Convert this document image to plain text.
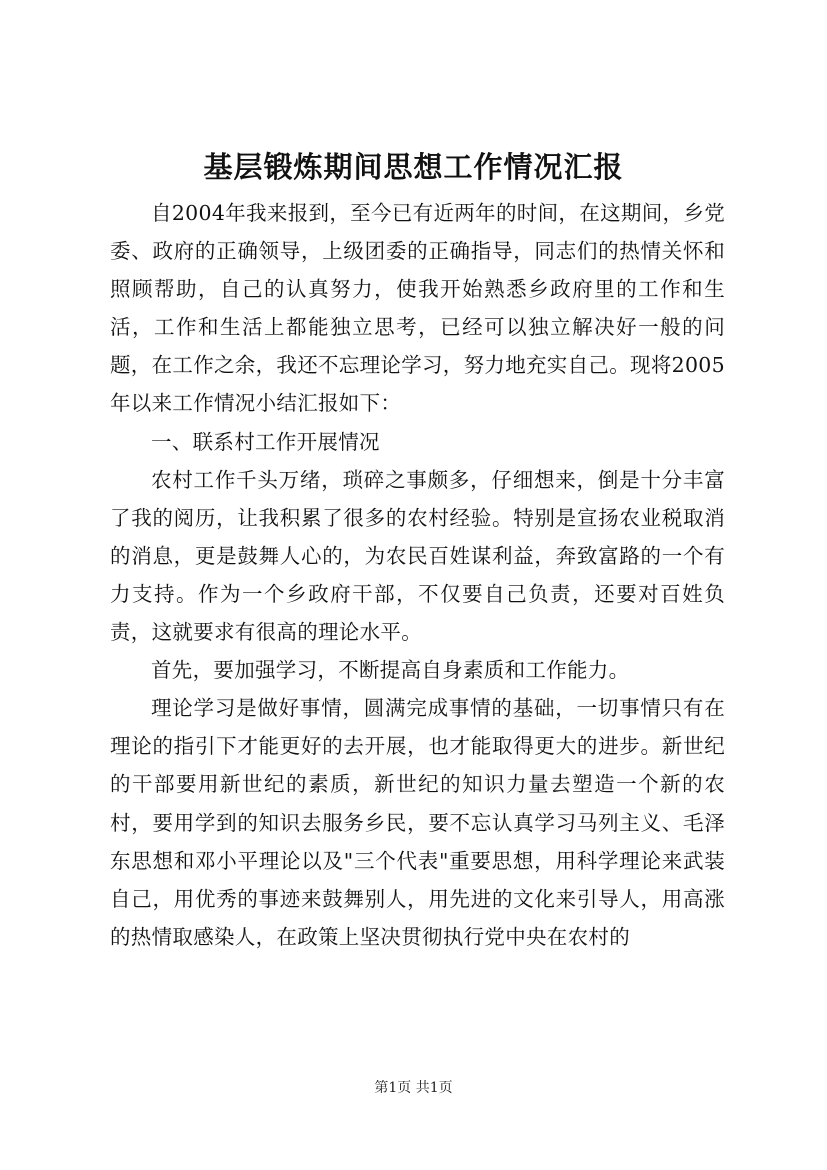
基层锻炼期间思想工作情况汇报

自2004年我来报到，至今已有近两年的时间，在这期间，乡党委、政府的正确领导，上级团委的正确指导，同志们的热情关怀和照顾帮助，自己的认真努力，使我开始熟悉乡政府里的工作和生活，工作和生活上都能独立思考，已经可以独立解决好一般的问题，在工作之余，我还不忘理论学习，努力地充实自己。现将2005年以来工作情况小结汇报如下：

一、联系村工作开展情况

农村工作千头万绪，琐碎之事颇多，仔细想来，倒是十分丰富了我的阅历，让我积累了很多的农村经验。特别是宣扬农业税取消的消息，更是鼓舞人心的，为农民百姓谋利益，奔致富路的一个有力支持。作为一个乡政府干部，不仅要自己负责，还要对百姓负责，这就要求有很高的理论水平。

首先，要加强学习，不断提高自身素质和工作能力。

理论学习是做好事情，圆满完成事情的基础，一切事情只有在理论的指引下才能更好的去开展，也才能取得更大的进步。新世纪的干部要用新世纪的素质，新世纪的知识力量去塑造一个新的农村，要用学到的知识去服务乡民，要不忘认真学习马列主义、毛泽东思想和邓小平理论以及"三个代表"重要思想，用科学理论来武装自己，用优秀的事迹来鼓舞别人，用先进的文化来引导人，用高涨的热情取感染人，在政策上坚决贯彻执行党中央在农村的

第1页 共1页
